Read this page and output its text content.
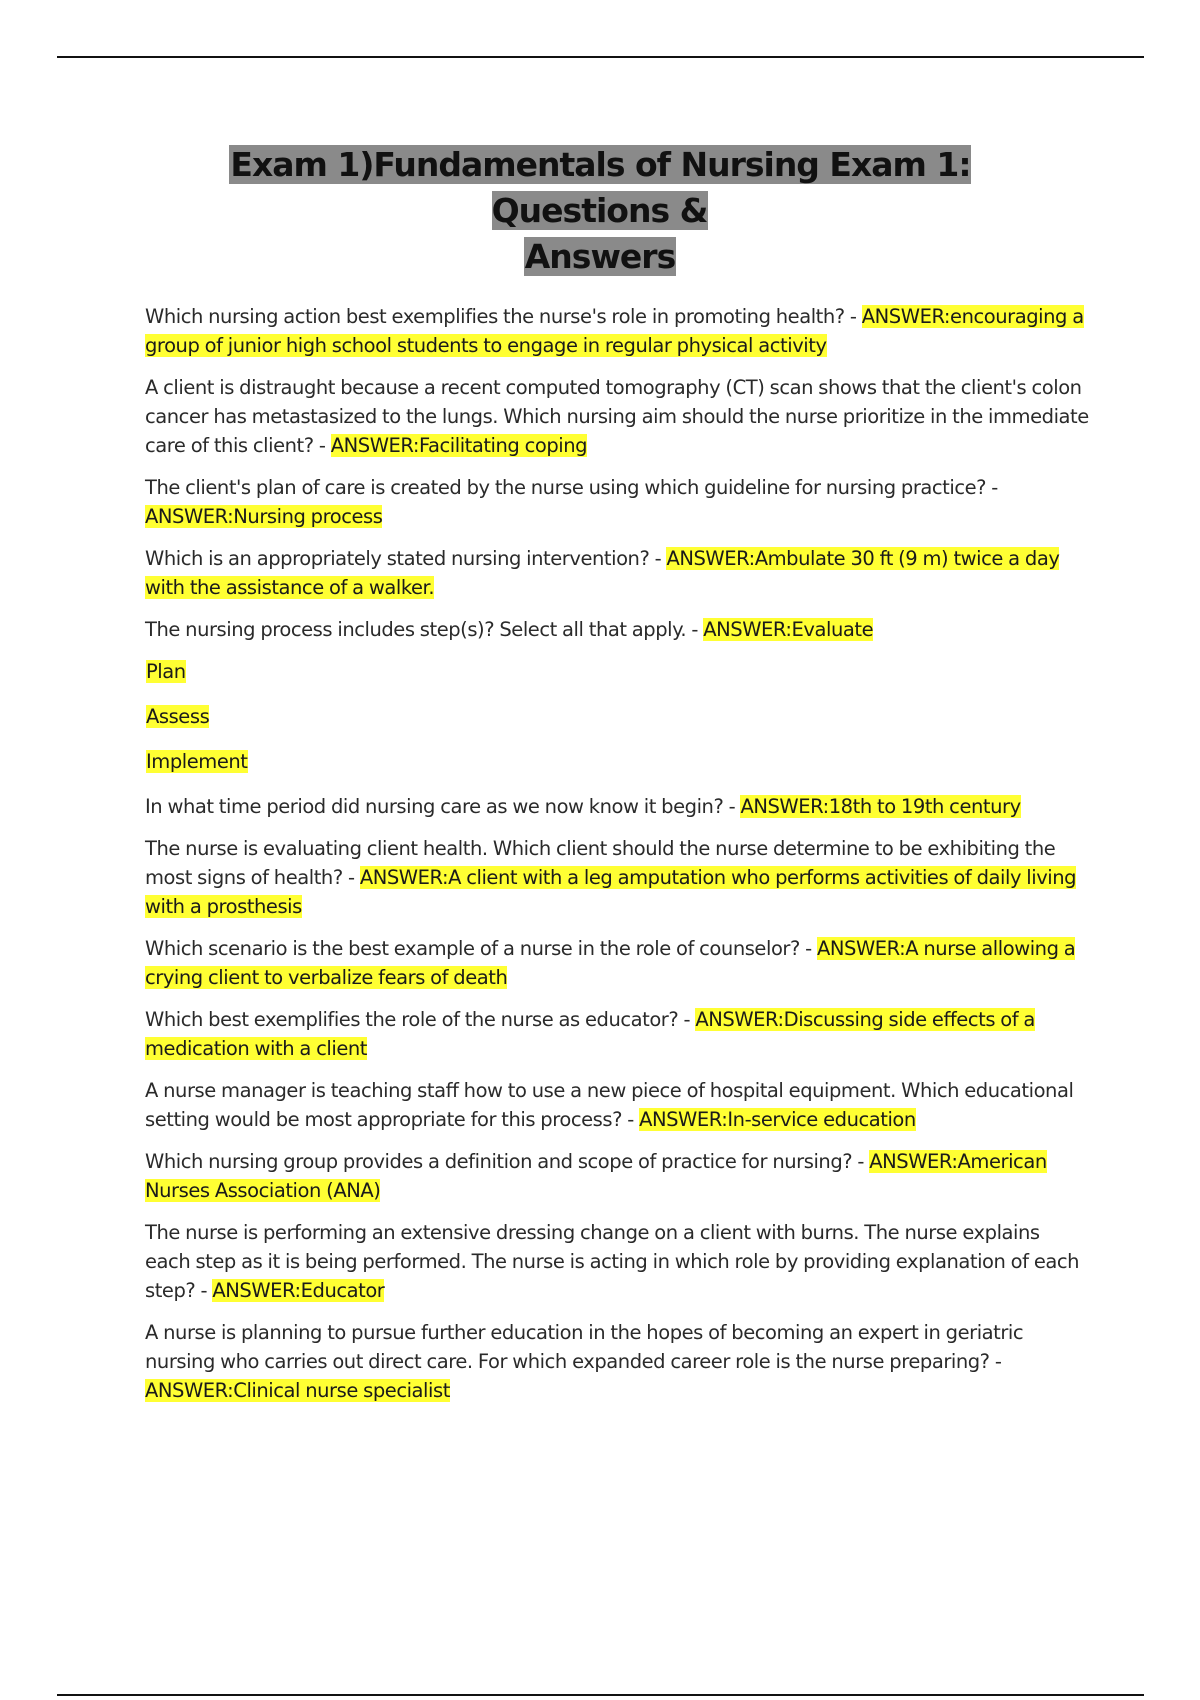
Exam 1)Fundamentals of Nursing Exam 1: Questions &
Answers

Which nursing action best exemplifies the nurse's role in promoting health? - ANSWER:encouraging a group of junior high school students to engage in regular physical activity

A client is distraught because a recent computed tomography (CT) scan shows that the client's colon cancer has metastasized to the lungs. Which nursing aim should the nurse prioritize in the immediate care of this client? - ANSWER:Facilitating coping

The client's plan of care is created by the nurse using which guideline for nursing practice? - ANSWER:Nursing process

Which is an appropriately stated nursing intervention? - ANSWER:Ambulate 30 ft (9 m) twice a day with the assistance of a walker.

The nursing process includes step(s)? Select all that apply. - ANSWER:Evaluate

Plan

Assess

Implement

In what time period did nursing care as we now know it begin? - ANSWER:18th to 19th century

The nurse is evaluating client health. Which client should the nurse determine to be exhibiting the most signs of health? - ANSWER:A client with a leg amputation who performs activities of daily living with a prosthesis

Which scenario is the best example of a nurse in the role of counselor? - ANSWER:A nurse allowing a crying client to verbalize fears of death

Which best exemplifies the role of the nurse as educator? - ANSWER:Discussing side effects of a medication with a client

A nurse manager is teaching staff how to use a new piece of hospital equipment. Which educational setting would be most appropriate for this process? - ANSWER:In-service education

Which nursing group provides a definition and scope of practice for nursing? - ANSWER:American Nurses Association (ANA)

The nurse is performing an extensive dressing change on a client with burns. The nurse explains each step as it is being performed. The nurse is acting in which role by providing explanation of each step? - ANSWER:Educator

A nurse is planning to pursue further education in the hopes of becoming an expert in geriatric nursing who carries out direct care. For which expanded career role is the nurse preparing? - ANSWER:Clinical nurse specialist
